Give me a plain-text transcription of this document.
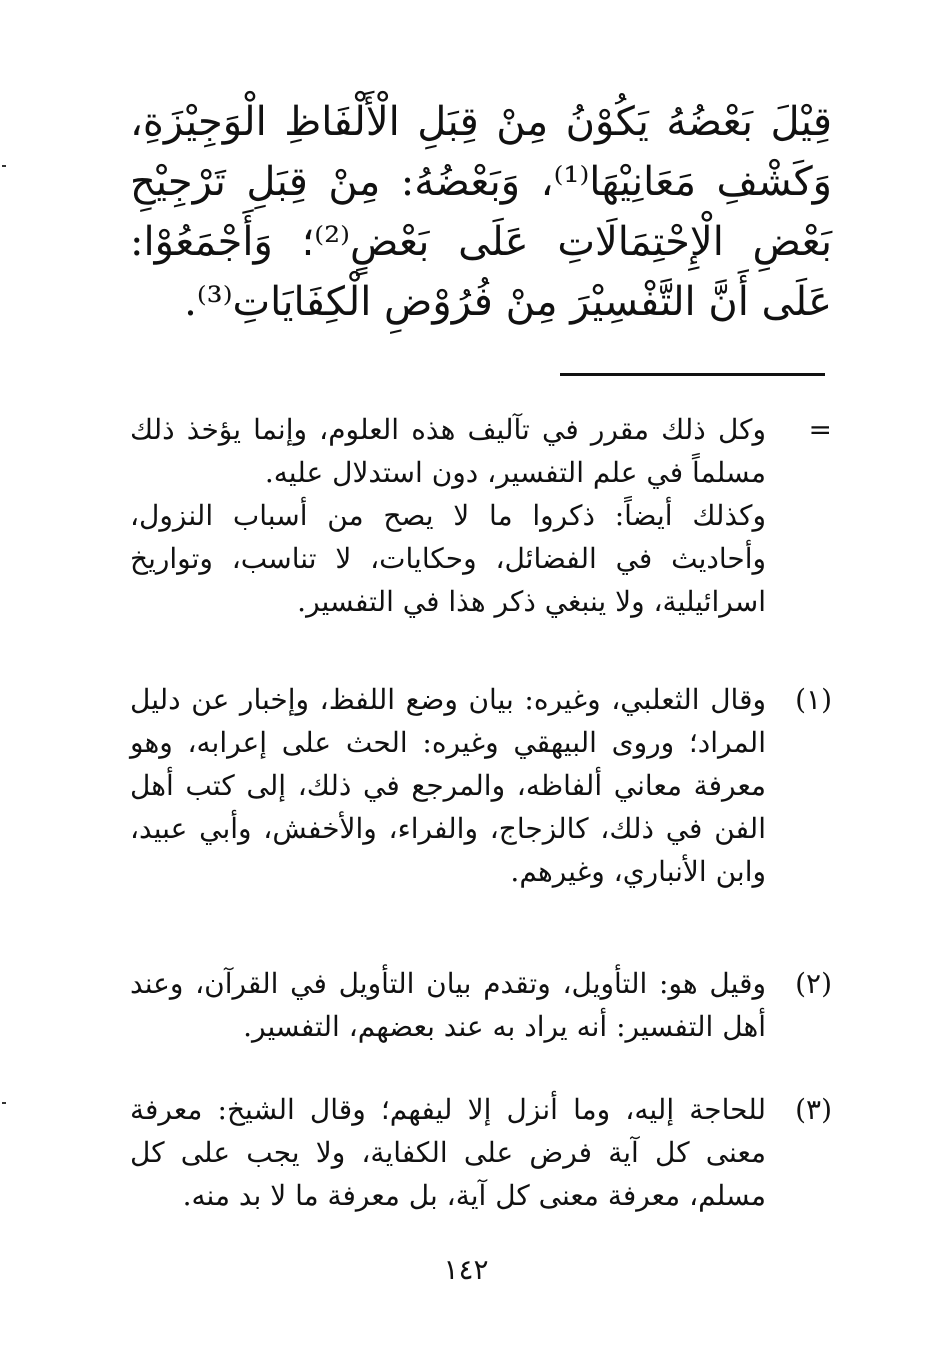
قِيْلَ بَعْضُهُ يَكُوْنُ مِنْ قِبَلِ الْأَلْفَاظِ الْوَجِيْزَةِ، وَكَشْفِ مَعَانِيْهَا⁽¹⁾، وَبَعْضُهُ: مِنْ قِبَلِ تَرْجِيْحِ بَعْضِ الْإِحْتِمَالَاتِ عَلَى بَعْضٍ⁽²⁾؛ وَأَجْمَعُوْا: عَلَى أَنَّ التَّفْسِيْرَ مِنْ فُرُوْضِ الْكِفَايَاتِ⁽³⁾.
=

وكل ذلك مقرر في تآليف هذه العلوم، وإنما يؤخذ ذلك مسلماً في علم التفسير، دون استدلال عليه.

وكذلك أيضاً: ذكروا ما لا يصح من أسباب النزول، وأحاديث في الفضائل، وحكايات، لا تناسب، وتواريخ اسرائيلية، ولا ينبغي ذكر هذا في التفسير.

(١)

وقال الثعلبي، وغيره: بيان وضع اللفظ، وإخبار عن دليل المراد؛ وروى البيهقي وغيره: الحث على إعرابه، وهو معرفة معاني ألفاظه، والمرجع في ذلك، إلى كتب أهل الفن في ذلك، كالزجاج، والفراء، والأخفش، وأبي عبيد، وابن الأنباري، وغيرهم.

(٢)

وقيل هو: التأويل، وتقدم بيان التأويل في القرآن، وعند أهل التفسير: أنه يراد به عند بعضهم، التفسير.

(٣)

للحاجة إليه، وما أنزل إلا ليفهم؛ وقال الشيخ: معرفة معنى كل آية فرض على الكفاية، ولا يجب على كل مسلم، معرفة معنى كل آية، بل معرفة ما لا بد منه.

١٤٢
